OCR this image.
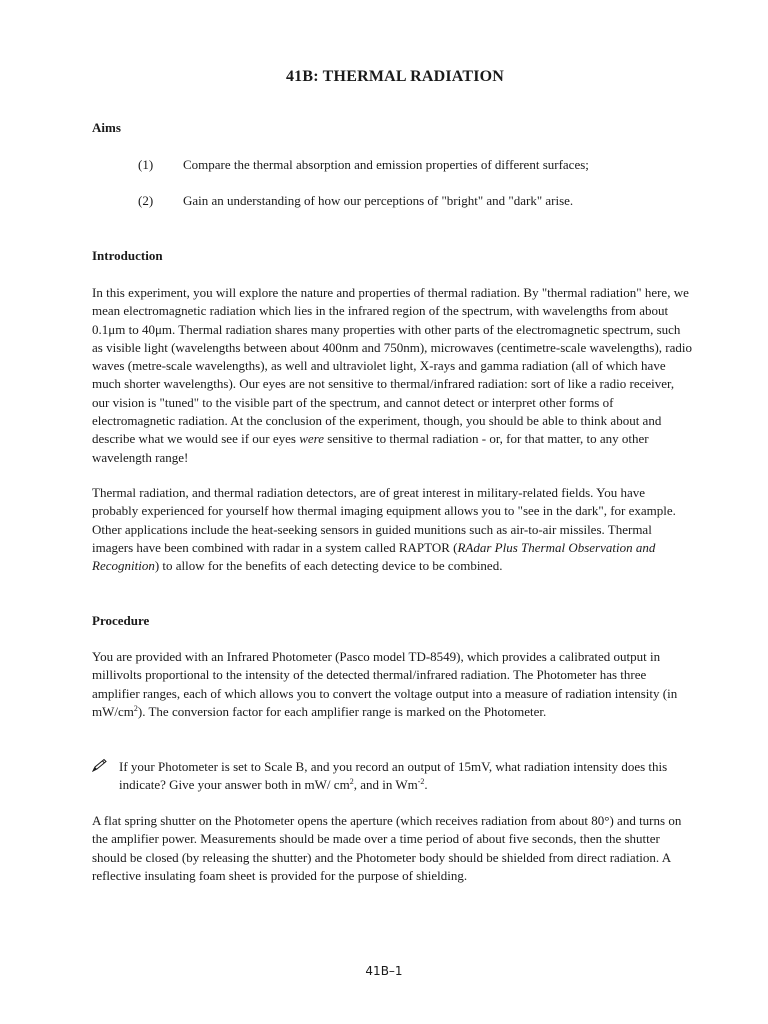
41B: THERMAL RADIATION
Aims
(1) Compare the thermal absorption and emission properties of different surfaces;
(2) Gain an understanding of how our perceptions of "bright" and "dark" arise.
Introduction

In this experiment, you will explore the nature and properties of thermal radiation. By "thermal radiation" here, we mean electromagnetic radiation which lies in the infrared region of the spectrum, with wavelengths from about 0.1μm to 40μm. Thermal radiation shares many properties with other parts of the electromagnetic spectrum, such as visible light (wavelengths between about 400nm and 750nm), microwaves (centimetre-scale wavelengths), radio waves (metre-scale wavelengths), as well and ultraviolet light, X-rays and gamma radiation (all of which have much shorter wavelengths). Our eyes are not sensitive to thermal/infrared radiation: sort of like a radio receiver, our vision is "tuned" to the visible part of the spectrum, and cannot detect or interpret other forms of electromagnetic radiation. At the conclusion of the experiment, though, you should be able to think about and describe what we would see if our eyes were sensitive to thermal radiation - or, for that matter, to any other wavelength range!

Thermal radiation, and thermal radiation detectors, are of great interest in military-related fields. You have probably experienced for yourself how thermal imaging equipment allows you to "see in the dark", for example. Other applications include the heat-seeking sensors in guided munitions such as air-to-air missiles. Thermal imagers have been combined with radar in a system called RAPTOR (RAdar Plus Thermal Observation and Recognition) to allow for the benefits of each detecting device to be combined.

Procedure

You are provided with an Infrared Photometer (Pasco model TD-8549), which provides a calibrated output in millivolts proportional to the intensity of the detected thermal/infrared radiation. The Photometer has three amplifier ranges, each of which allows you to convert the voltage output into a measure of radiation intensity (in $mW/cm^2$). The conversion factor for each amplifier range is marked on the Photometer.

If your Photometer is set to Scale B, and you record an output of 15mV, what radiation intensity does this indicate? Give your answer both in mW/ $cm^2$, and in $Wm^{-2}$.

A flat spring shutter on the Photometer opens the aperture (which receives radiation from about 80°) and turns on the amplifier power. Measurements should be made over a time period of about five seconds, then the shutter should be closed (by releasing the shutter) and the Photometer body should be shielded from direct radiation. A reflective insulating foam sheet is provided for the purpose of shielding.

41B–1
